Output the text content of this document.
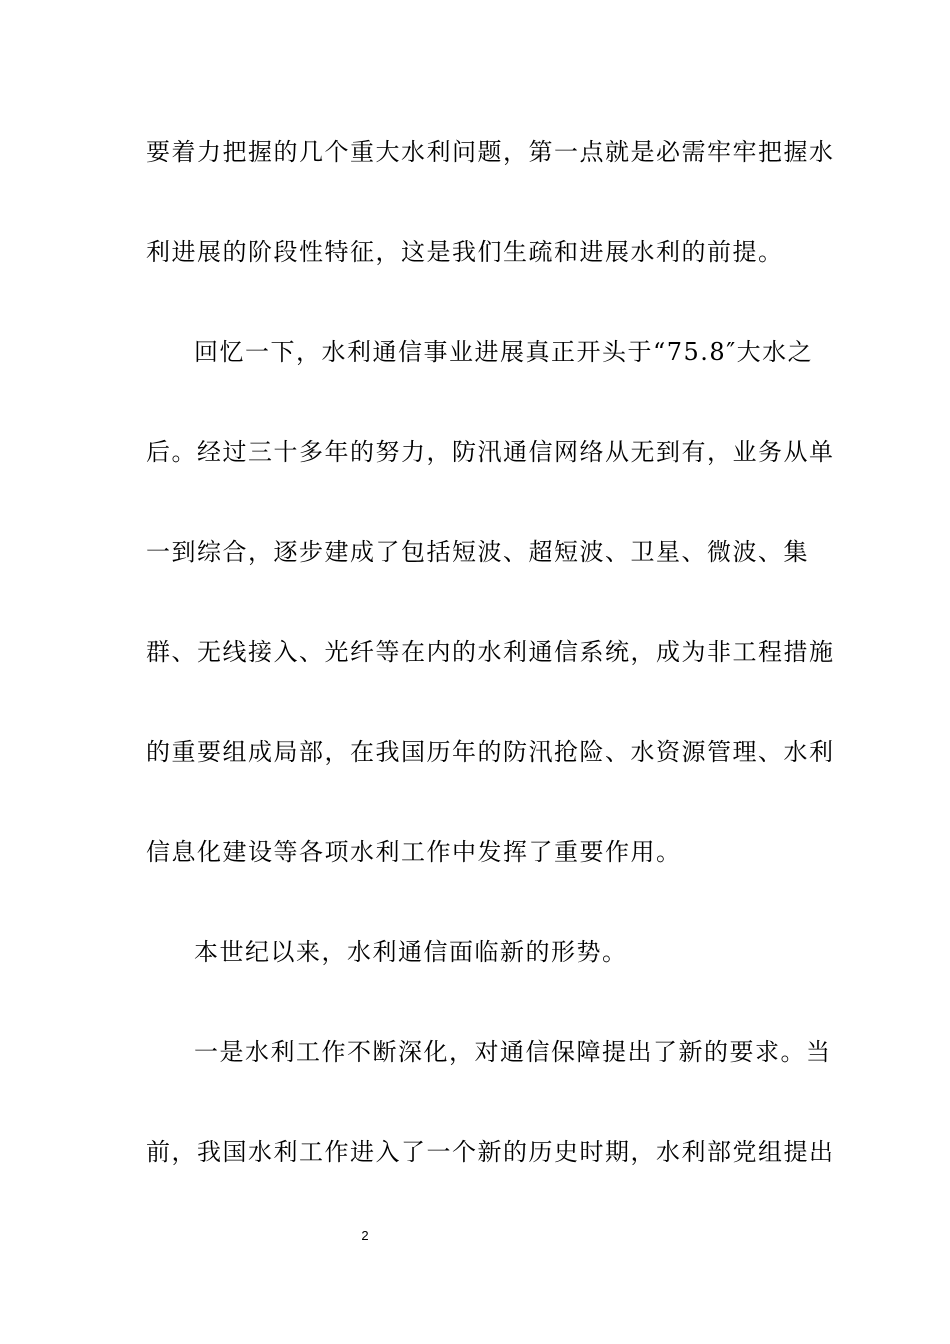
要着力把握的几个重大水利问题，第一点就是必需牢牢把握水
利进展的阶段性特征，这是我们生疏和进展水利的前提。
回忆一下，水利通信事业进展真正开头于“75.8″大水之
后。经过三十多年的努力，防汛通信网络从无到有，业务从单
一到综合，逐步建成了包括短波、超短波、卫星、微波、集
群、无线接入、光纤等在内的水利通信系统，成为非工程措施
的重要组成局部，在我国历年的防汛抢险、水资源管理、水利
信息化建设等各项水利工作中发挥了重要作用。
本世纪以来，水利通信面临新的形势。
一是水利工作不断深化，对通信保障提出了新的要求。当
前，我国水利工作进入了一个新的历史时期，水利部党组提出
2
